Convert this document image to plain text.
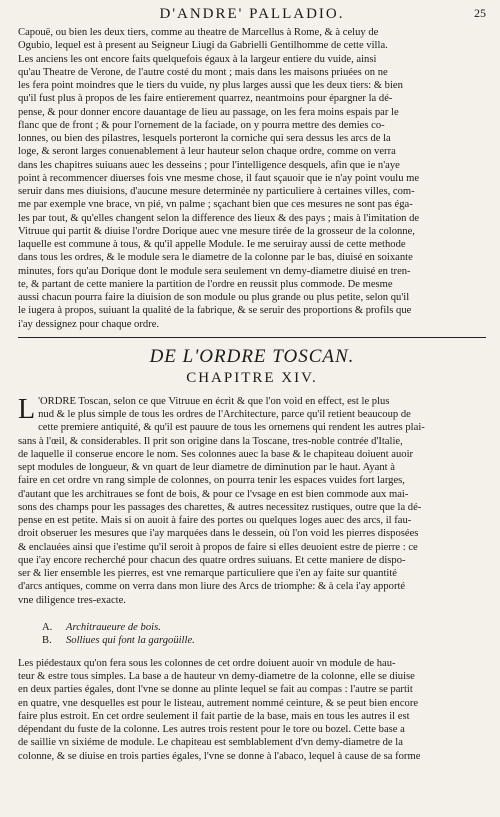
D'ANDRE' PALLADIO.	25

Capouë, ou bien les deux tiers, comme au theatre de Marcellus à Rome, & à celuy de
Ogubio, lequel est à present au Seigneur Liugi da Gabrielli Gentilhomme de cette villa.
Les anciens les ont encore faits quelquefois égaux à la largeur entiere du vuide, ainsi
qu'au Theatre de Verone, de l'autre costé du mont ; mais dans les maisons priuées on ne
les fera point moindres que le tiers du vuide, ny plus larges aussi que les deux tiers: & bien
qu'il fust plus à propos de les faire entierement quarrez, neantmoins pour épargner la dé-
pense, & pour donner encore dauantage de lieu au passage, on les fera moins espais par le
flanc que de front ; & pour l'ornement de la faciade, on y pourra mettre des demies co-
lonnes, ou bien des pilastres, lesquels porteront la corniche qui sera dessus les arcs de la
loge, & seront larges conuenablement à leur hauteur selon chaque ordre, comme on verra
dans les chapitres suiuans auec les desseins ; pour l'intelligence desquels, afin que ie n'aye
point à recommencer diuerses fois vne mesme chose, il faut sçauoir que ie n'ay point voulu me
seruir dans mes diuisions, d'aucune mesure determinée ny particuliere à certaines villes, com-
me par exemple vne brace, vn pié, vn palme ; sçachant bien que ces mesures ne sont pas éga-
les par tout, & qu'elles changent selon la difference des lieux & des pays ; mais à l'imitation de
Vitruue qui partit & diuise l'ordre Dorique auec vne mesure tirée de la grosseur de la colonne,
laquelle est commune à tous, & qu'il appelle Module. Ie me seruiray aussi de cette methode
dans tous les ordres, & le module sera le diametre de la colonne par le bas, diuisé en soixante
minutes, fors qu'au Dorique dont le module sera seulement vn demy-diametre diuisé en tren-
te, & partant de cette maniere la partition de l'ordre en reussit plus commode. De mesme
aussi chacun pourra faire la diuision de son module ou plus grande ou plus petite, selon qu'il
le iugera à propos, suiuant la qualité de la fabrique, & se seruir des proportions & profils que
i'ay dessignez pour chaque ordre.

DE L'ORDRE TOSCAN.
CHAPITRE XIV.

L 'ORDRE Toscan, selon ce que Vitruue en écrit & que l'on void en effect, est le plus
nud & le plus simple de tous les ordres de l'Architecture, parce qu'il retient beaucoup de
cette premiere antiquité, & qu'il est pauure de tous les ornemens qui rendent les autres plai-
sans à l'œil, & considerables. Il prit son origine dans la Toscane, tres-noble contrée d'Italie,
de laquelle il conserue encore le nom. Ses colonnes auec la base & le chapiteau doiuent auoir
sept modules de longueur, & vn quart de leur diametre de diminution par le haut. Ayant à
faire en cet ordre vn rang simple de colonnes, on pourra tenir les espaces vuides fort larges,
d'autant que les architraues se font de bois, & pour ce l'vsage en est bien commode aux mai-
sons des champs pour les passages des charettes, & autres necessitez rustiques, outre que la dé-
pense en est petite. Mais si on auoit à faire des portes ou quelques loges auec des arcs, il fau-
droit obseruer les mesures que i'ay marquées dans le dessein, où l'on void les pierres disposées
& enclauées ainsi que i'estime qu'il seroit à propos de faire si elles deuoient estre de pierre : ce
que i'ay encore recherché pour chacun des quatre ordres suiuans. Et cette maniere de dispo-
ser & lier ensemble les pierres, est vne remarque particuliere que i'en ay faite sur quantité
d'arcs antiques, comme on verra dans mon liure des Arcs de triomphe: & à cela i'ay apporté
vne diligence tres-exacte.

A.	Architraueure de bois.
B.	Solliues qui font la gargoüille.

Les piédestaux qu'on fera sous les colonnes de cet ordre doiuent auoir vn module de hau-
teur & estre tous simples. La base a de hauteur vn demy-diametre de la colonne, elle se diuise
en deux parties égales, dont l'vne se donne au plinte lequel se fait au compas : l'autre se partit
en quatre, vne desquelles est pour le listeau, autrement nommé ceinture, & se peut bien encore
faire plus estroit. En cet ordre seulement il fait partie de la base, mais en tous les autres il est
dépendant du fuste de la colonne. Les autres trois restent pour le tore ou bozel. Cette base a
de saillie vn sixiéme de module. Le chapiteau est semblablement d'vn demy-diametre de la
colonne, & se diuise en trois parties égales, l'vne se donne à l'abaco, lequel à cause de sa forme
